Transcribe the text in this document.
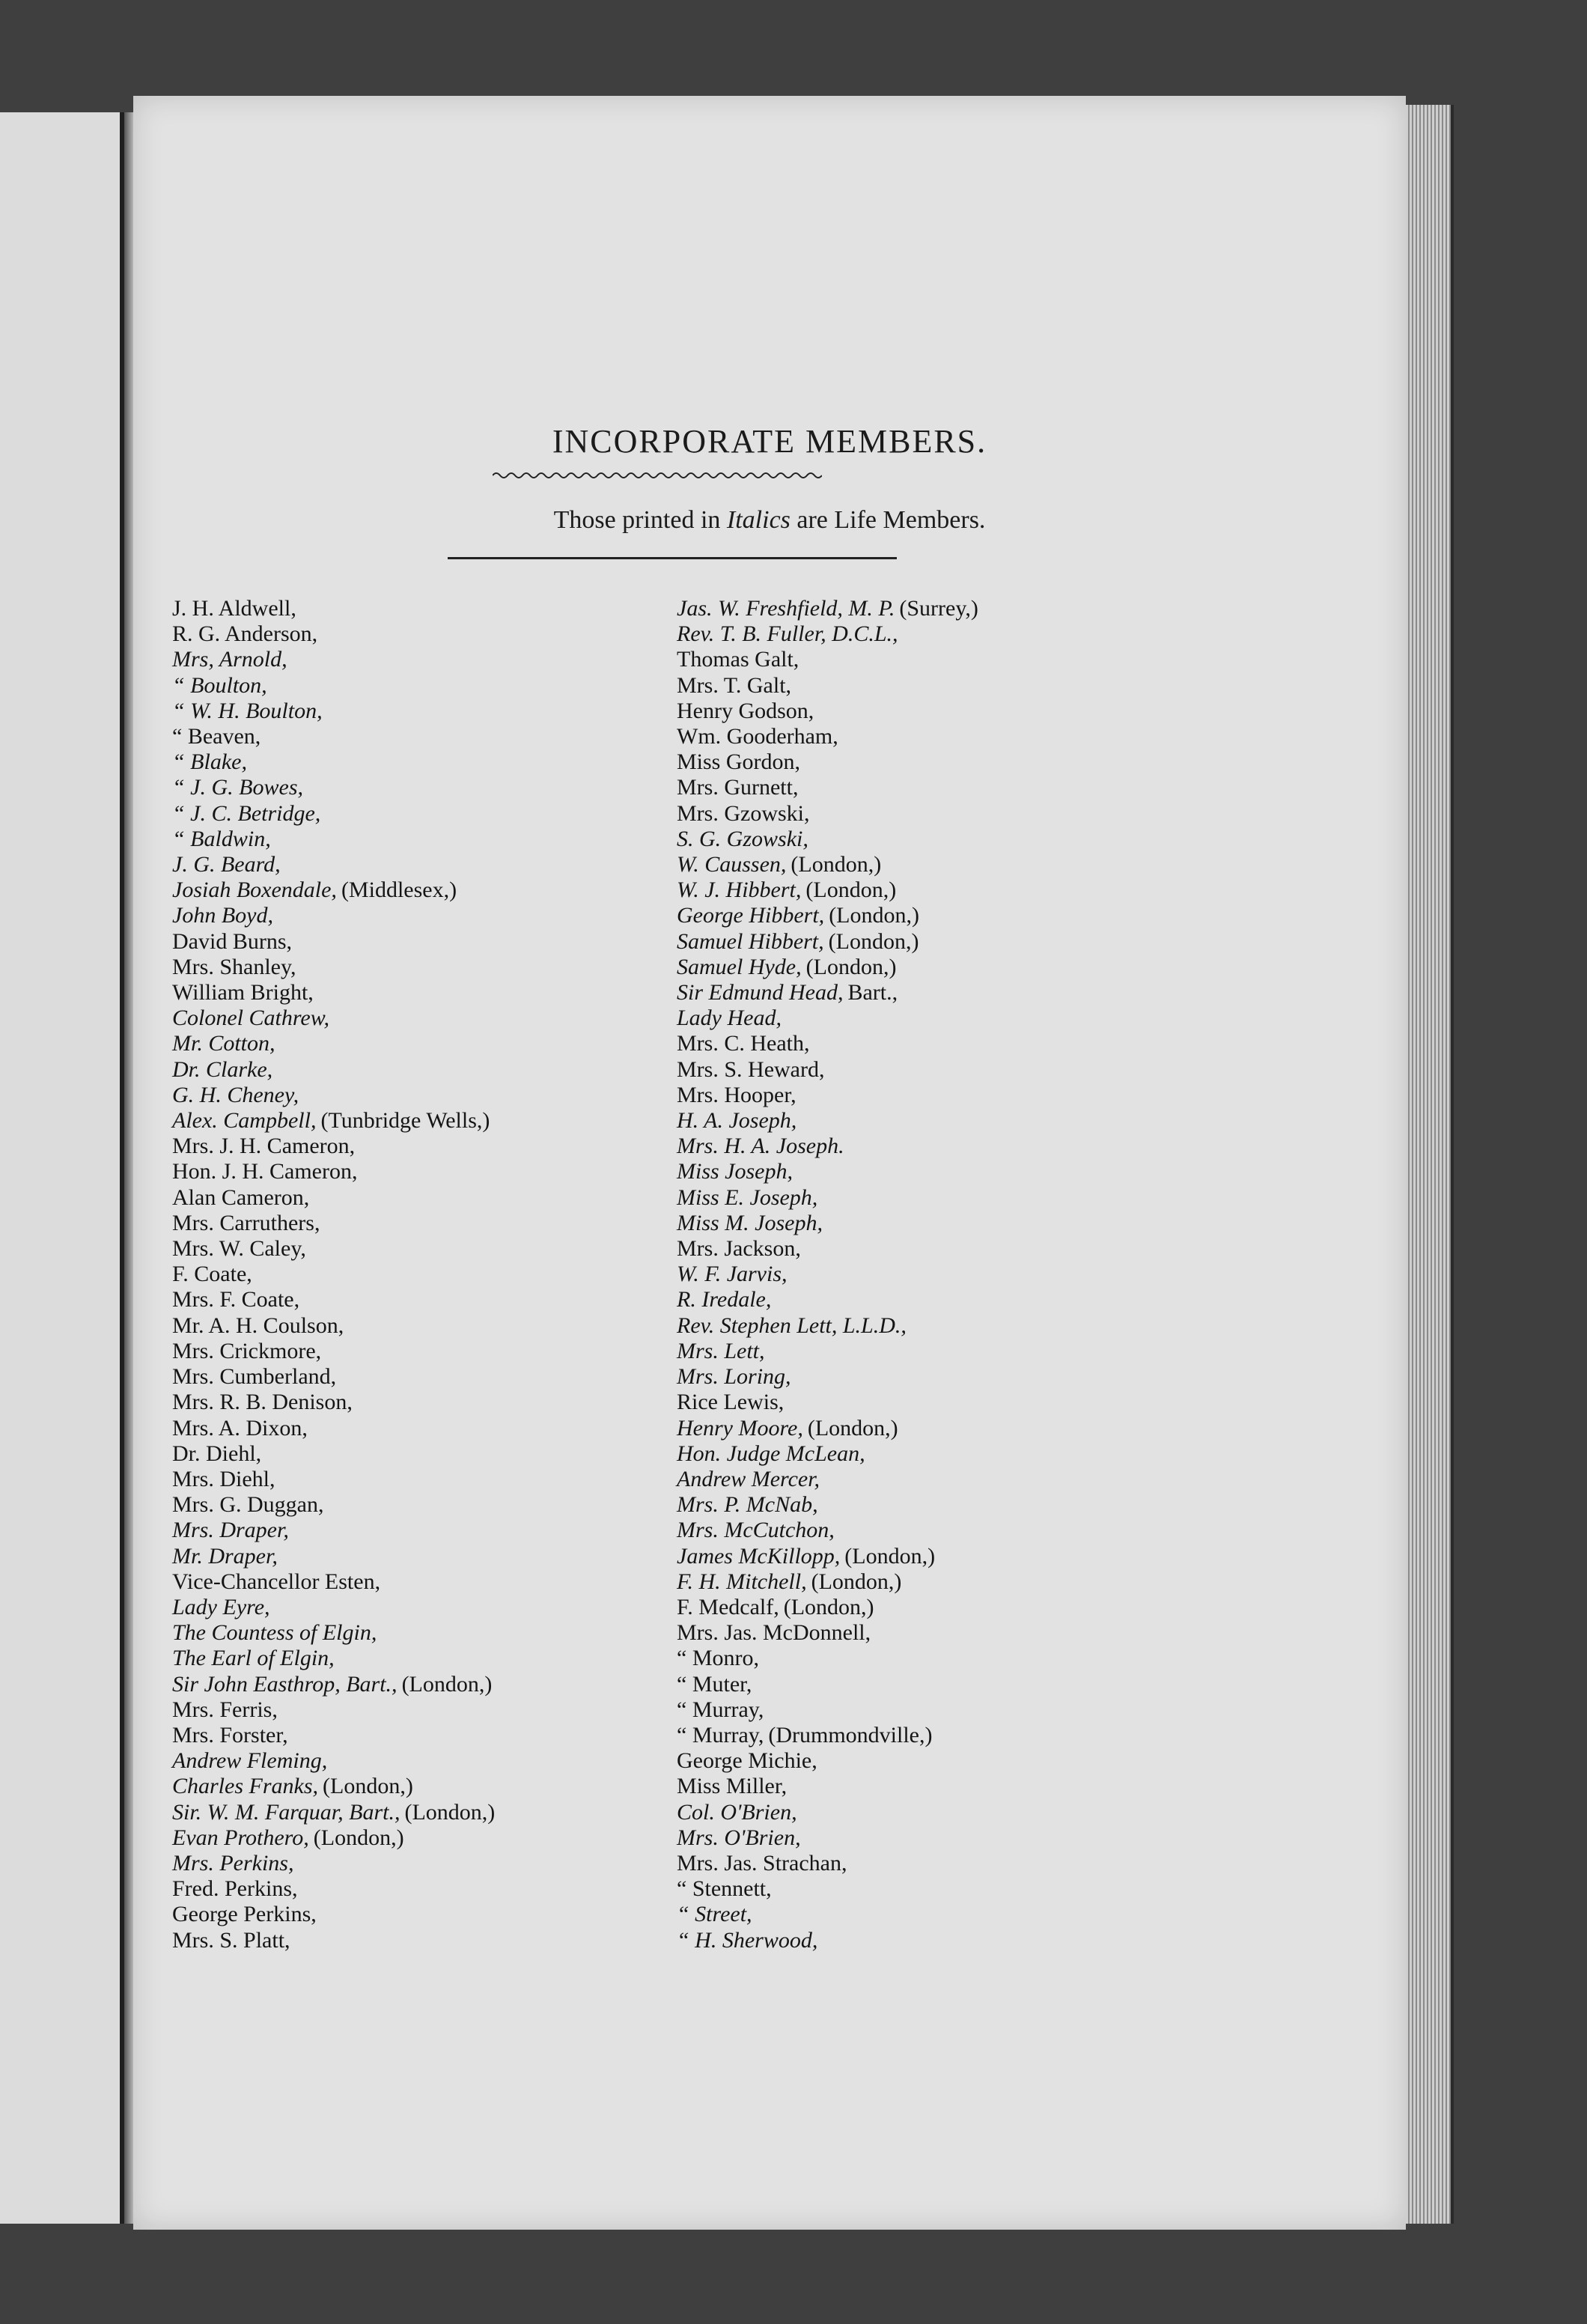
INCORPORATE MEMBERS.

Those printed in Italics are Life Members.

J. H. Aldwell,
R. G. Anderson,
Mrs, Arnold,
“ Boulton,
“ W. H. Boulton,
“ Beaven,
“ Blake,
“ J. G. Bowes,
“ J. C. Betridge,
“ Baldwin,
J. G. Beard,
Josiah Boxendale, (Middlesex,)
John Boyd,
David Burns,
Mrs. Shanley,
William Bright,
Colonel Cathrew,
Mr. Cotton,
Dr. Clarke,
G. H. Cheney,
Alex. Campbell, (Tunbridge Wells,)
Mrs. J. H. Cameron,
Hon. J. H. Cameron,
Alan Cameron,
Mrs. Carruthers,
Mrs. W. Caley,
F. Coate,
Mrs. F. Coate,
Mr. A. H. Coulson,
Mrs. Crickmore,
Mrs. Cumberland,
Mrs. R. B. Denison,
Mrs. A. Dixon,
Dr. Diehl,
Mrs. Diehl,
Mrs. G. Duggan,
Mrs. Draper,
Mr. Draper,
Vice-Chancellor Esten,
Lady Eyre,
The Countess of Elgin,
The Earl of Elgin,
Sir John Easthrop, Bart., (London,)
Mrs. Ferris,
Mrs. Forster,
Andrew Fleming,
Charles Franks, (London,)
Sir. W. M. Farquar, Bart., (London,)
Evan Prothero, (London,)
Mrs. Perkins,
Fred. Perkins,
George Perkins,
Mrs. S. Platt,
Jas. W. Freshfield, M. P. (Surrey,)
Rev. T. B. Fuller, D.C.L.,
Thomas Galt,
Mrs. T. Galt,
Henry Godson,
Wm. Gooderham,
Miss Gordon,
Mrs. Gurnett,
Mrs. Gzowski,
S. G. Gzowski,
W. Caussen, (London,)
W. J. Hibbert, (London,)
George Hibbert, (London,)
Samuel Hibbert, (London,)
Samuel Hyde, (London,)
Sir Edmund Head, Bart.,
Lady Head,
Mrs. C. Heath,
Mrs. S. Heward,
Mrs. Hooper,
H. A. Joseph,
Mrs. H. A. Joseph.
Miss Joseph,
Miss E. Joseph,
Miss M. Joseph,
Mrs. Jackson,
W. F. Jarvis,
R. Iredale,
Rev. Stephen Lett, L.L.D.,
Mrs. Lett,
Mrs. Loring,
Rice Lewis,
Henry Moore, (London,)
Hon. Judge McLean,
Andrew Mercer,
Mrs. P. McNab,
Mrs. McCutchon,
James McKillopp, (London,)
F. H. Mitchell, (London,)
F. Medcalf, (London,)
Mrs. Jas. McDonnell,
“ Monro,
“ Muter,
“ Murray,
“ Murray, (Drummondville,)
George Michie,
Miss Miller,
Col. O'Brien,
Mrs. O'Brien,
Mrs. Jas. Strachan,
“ Stennett,
“ Street,
“ H. Sherwood,
